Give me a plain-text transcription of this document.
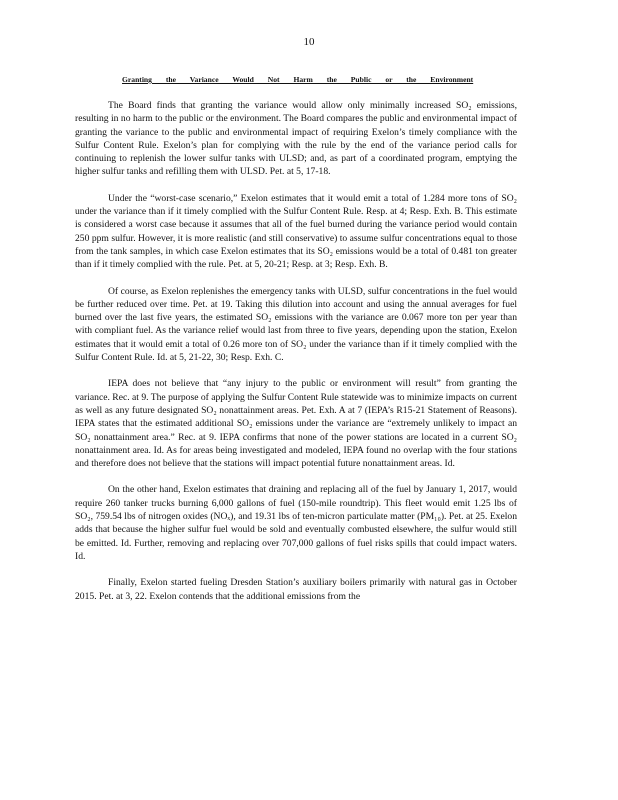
10
Granting the Variance Would Not Harm the Public or the Environment

The Board finds that granting the variance would allow only minimally increased SO₂ emissions, resulting in no harm to the public or the environment. The Board compares the public and environmental impact of granting the variance to the public and environmental impact of requiring Exelon’s timely compliance with the Sulfur Content Rule. Exelon’s plan for complying with the rule by the end of the variance period calls for continuing to replenish the lower sulfur tanks with ULSD; and, as part of a coordinated program, emptying the higher sulfur tanks and refilling them with ULSD. Pet. at 5, 17-18.

Under the “worst-case scenario,” Exelon estimates that it would emit a total of 1.284 more tons of SO₂ under the variance than if it timely complied with the Sulfur Content Rule. Resp. at 4; Resp. Exh. B. This estimate is considered a worst case because it assumes that all of the fuel burned during the variance period would contain 250 ppm sulfur. However, it is more realistic (and still conservative) to assume sulfur concentrations equal to those from the tank samples, in which case Exelon estimates that its SO₂ emissions would be a total of 0.481 ton greater than if it timely complied with the rule. Pet. at 5, 20-21; Resp. at 3; Resp. Exh. B.

Of course, as Exelon replenishes the emergency tanks with ULSD, sulfur concentrations in the fuel would be further reduced over time. Pet. at 19. Taking this dilution into account and using the annual averages for fuel burned over the last five years, the estimated SO₂ emissions with the variance are 0.067 more ton per year than with compliant fuel. As the variance relief would last from three to five years, depending upon the station, Exelon estimates that it would emit a total of 0.26 more ton of SO₂ under the variance than if it timely complied with the Sulfur Content Rule. Id. at 5, 21-22, 30; Resp. Exh. C.

IEPA does not believe that “any injury to the public or environment will result” from granting the variance. Rec. at 9. The purpose of applying the Sulfur Content Rule statewide was to minimize impacts on current as well as any future designated SO₂ nonattainment areas. Pet. Exh. A at 7 (IEPA’s R15-21 Statement of Reasons). IEPA states that the estimated additional SO₂ emissions under the variance are “extremely unlikely to impact an SO₂ nonattainment area.” Rec. at 9. IEPA confirms that none of the power stations are located in a current SO₂ nonattainment area. Id. As for areas being investigated and modeled, IEPA found no overlap with the four stations and therefore does not believe that the stations will impact potential future nonattainment areas. Id.

On the other hand, Exelon estimates that draining and replacing all of the fuel by January 1, 2017, would require 260 tanker trucks burning 6,000 gallons of fuel (150-mile roundtrip). This fleet would emit 1.25 lbs of SO₂, 759.54 lbs of nitrogen oxides (NOₓ), and 19.31 lbs of ten-micron particulate matter (PM₁₀). Pet. at 25. Exelon adds that because the higher sulfur fuel would be sold and eventually combusted elsewhere, the sulfur would still be emitted. Id. Further, removing and replacing over 707,000 gallons of fuel risks spills that could impact waters. Id.

Finally, Exelon started fueling Dresden Station’s auxiliary boilers primarily with natural gas in October 2015. Pet. at 3, 22. Exelon contends that the additional emissions from the
